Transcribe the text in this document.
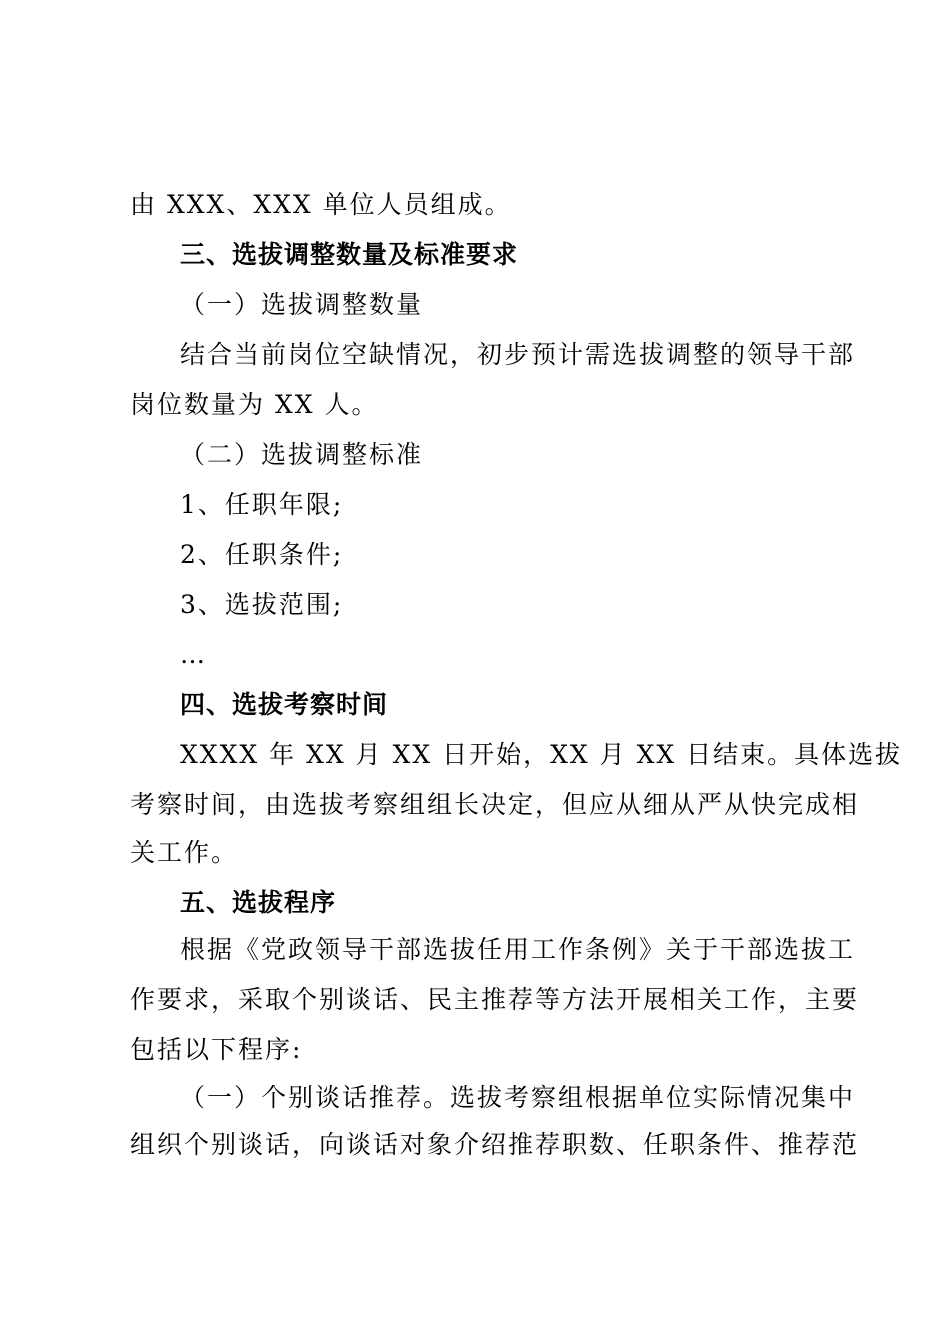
由 XXX、XXX 单位人员组成。
三、选拔调整数量及标准要求
（一）选拔调整数量
结合当前岗位空缺情况，初步预计需选拔调整的领导干部
岗位数量为 XX 人。
（二）选拔调整标准
1、任职年限;
2、任职条件;
3、选拔范围;
…
四、选拔考察时间
XXXX 年 XX 月 XX 日开始，XX 月 XX 日结束。具体选拔
考察时间，由选拔考察组组长决定，但应从细从严从快完成相
关工作。
五、选拔程序
根据《党政领导干部选拔任用工作条例》关于干部选拔工
作要求，采取个别谈话、民主推荐等方法开展相关工作，主要
包括以下程序:
（一）个别谈话推荐。选拔考察组根据单位实际情况集中
组织个别谈话，向谈话对象介绍推荐职数、任职条件、推荐范
